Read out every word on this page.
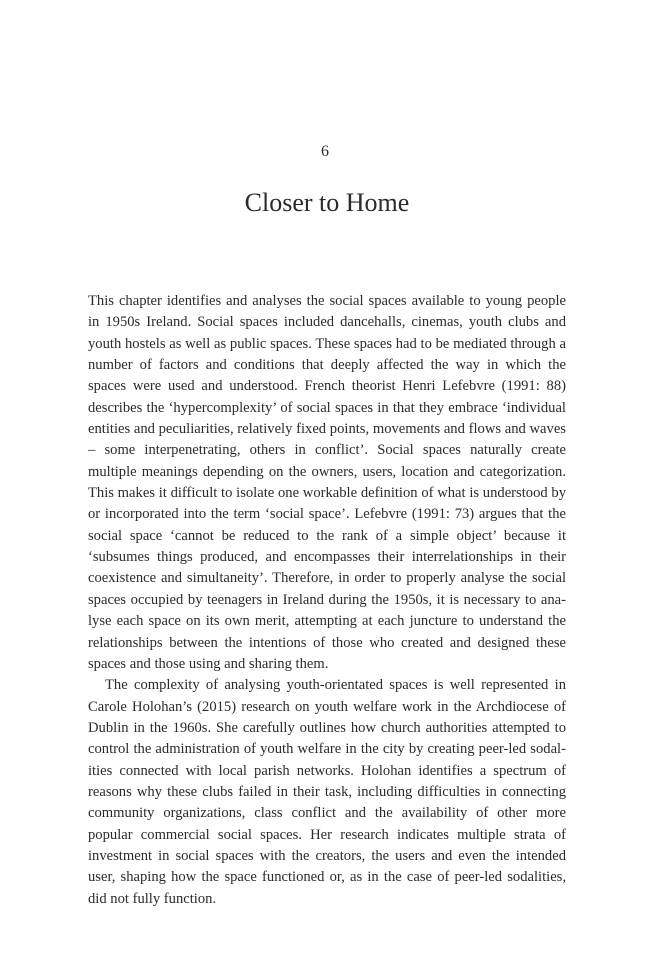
6
Closer to Home

This chapter identifies and analyses the social spaces available to young people in 1950s Ireland. Social spaces included dancehalls, cinemas, youth clubs and youth hostels as well as public spaces. These spaces had to be mediated through a number of factors and conditions that deeply affected the way in which the spaces were used and understood. French theorist Henri Lefebvre (1991: 88) describes the ‘hypercomplexity’ of social spaces in that they embrace ‘individual entities and peculiarities, relatively fixed points, movements and flows and waves – some interpenetrating, others in conflict’. Social spaces naturally create multiple meanings depending on the owners, users, location and categorization. This makes it difficult to isolate one workable definition of what is understood by or incorporated into the term ‘social space’. Lefebvre (1991: 73) argues that the social space ‘cannot be reduced to the rank of a simple object’ because it ‘subsumes things produced, and encompasses their interrelationships in their coexistence and simultaneity’. Therefore, in order to properly analyse the social spaces occupied by teenagers in Ireland during the 1950s, it is necessary to analyse each space on its own merit, attempting at each juncture to understand the relationships between the intentions of those who created and designed these spaces and those using and sharing them.

The complexity of analysing youth-orientated spaces is well represented in Carole Holohan’s (2015) research on youth welfare work in the Archdiocese of Dublin in the 1960s. She carefully outlines how church authorities attempted to control the administration of youth welfare in the city by creating peer-led sodalities connected with local parish networks. Holohan identifies a spectrum of reasons why these clubs failed in their task, including difficulties in connecting community organizations, class conflict and the availability of other more popular commercial social spaces. Her research indicates multiple strata of investment in social spaces with the creators, the users and even the intended user, shaping how the space functioned or, as in the case of peer-led sodalities, did not fully function.
